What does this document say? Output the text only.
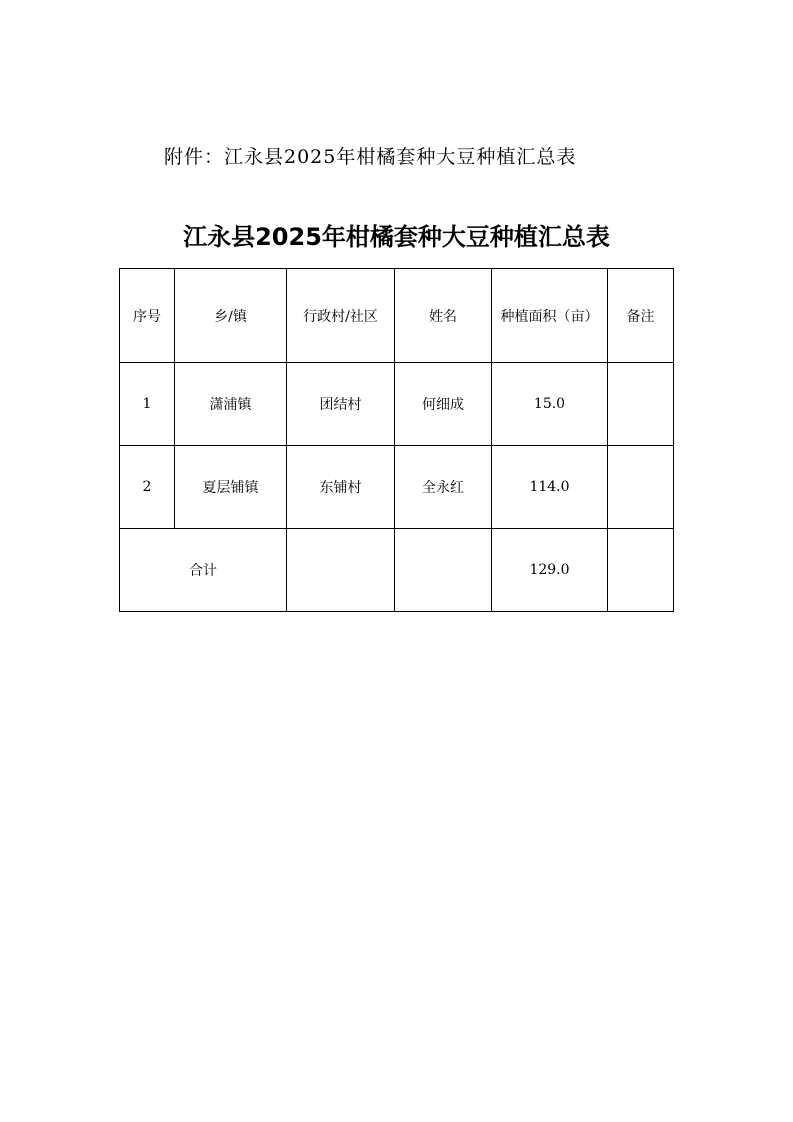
附件：江永县2025年柑橘套种大豆种植汇总表
江永县2025年柑橘套种大豆种植汇总表
序号	乡/镇	行政村/社区	姓名	种植面积（亩）	备注
1	潇浦镇	团结村	何细成	15.0	
2	夏层铺镇	东铺村	全永红	114.0	
合计				129.0	
